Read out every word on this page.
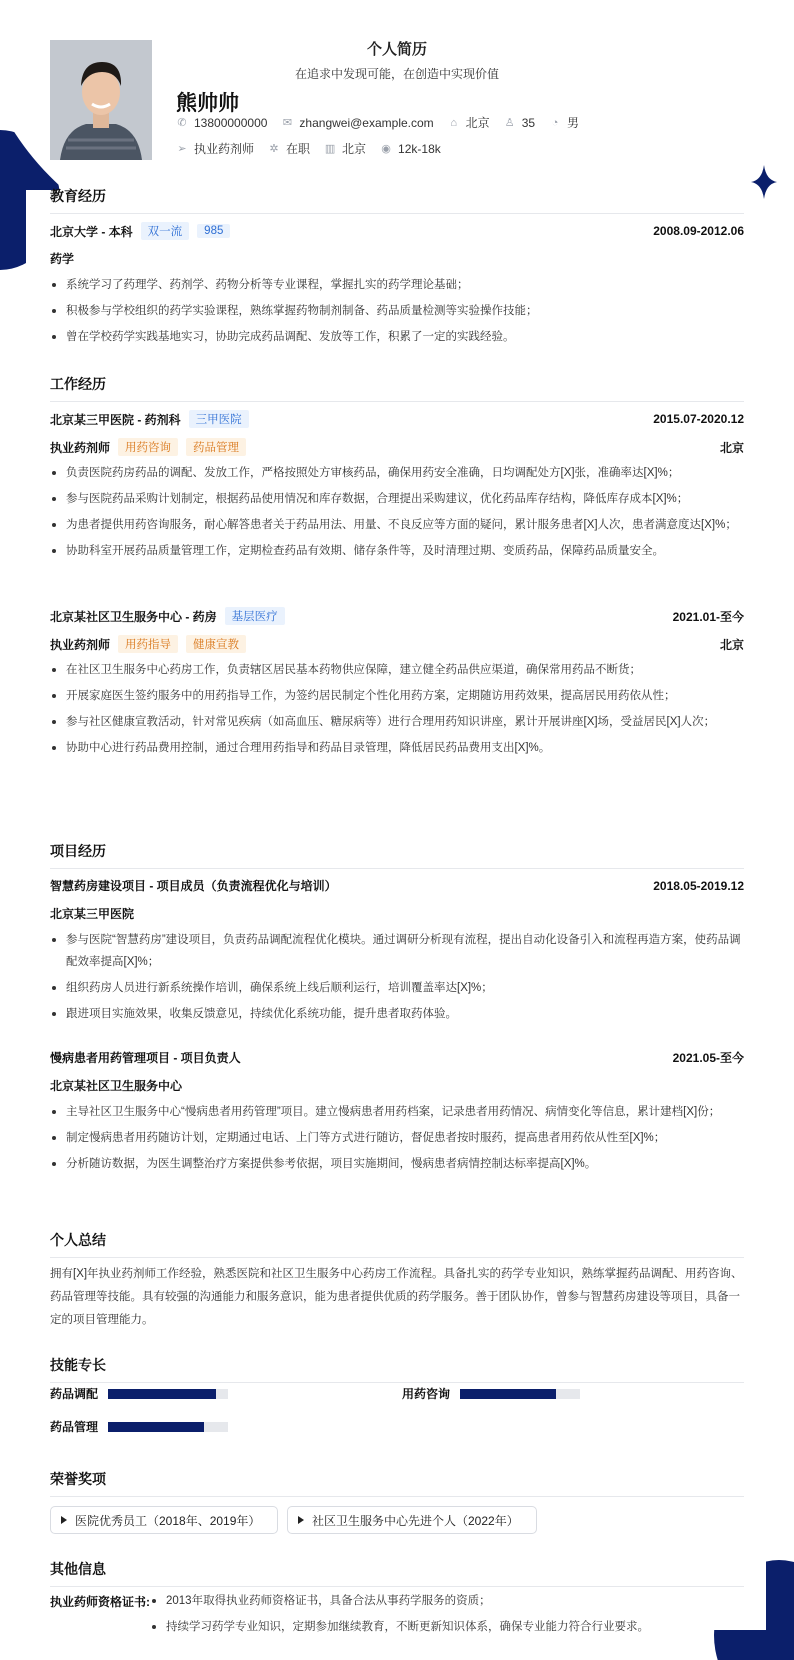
个人简历
在追求中发现可能，在创造中实现价值
熊帅帅
✆ 13800000000 ✉ zhangwei@example.com ⌂ 北京 ♙ 35 ◔ 男
➢ 执业药剂师 ✲ 在职 ▥ 北京 ◉ 12k-18k
教育经历
北京大学 - 本科	双一流	985	2008.09-2012.06
药学
系统学习了药理学、药剂学、药物分析等专业课程，掌握扎实的药学理论基础；
积极参与学校组织的药学实验课程，熟练掌握药物制剂制备、药品质量检测等实验操作技能；
曾在学校药学实践基地实习，协助完成药品调配、发放等工作，积累了一定的实践经验。
工作经历
北京某三甲医院 - 药剂科	三甲医院	2015.07-2020.12
执业药剂师	用药咨询	药品管理	北京
负责医院药房药品的调配、发放工作，严格按照处方审核药品，确保用药安全准确，日均调配处方[X]张，准确率达[X]%；
参与医院药品采购计划制定，根据药品使用情况和库存数据，合理提出采购建议，优化药品库存结构，降低库存成本[X]%；
为患者提供用药咨询服务，耐心解答患者关于药品用法、用量、不良反应等方面的疑问，累计服务患者[X]人次，患者满意度达[X]%；
协助科室开展药品质量管理工作，定期检查药品有效期、储存条件等，及时清理过期、变质药品，保障药品质量安全。
北京某社区卫生服务中心 - 药房	基层医疗	2021.01-至今
执业药剂师	用药指导	健康宣教	北京
在社区卫生服务中心药房工作，负责辖区居民基本药物供应保障，建立健全药品供应渠道，确保常用药品不断货；
开展家庭医生签约服务中的用药指导工作，为签约居民制定个性化用药方案，定期随访用药效果，提高居民用药依从性；
参与社区健康宣教活动，针对常见疾病（如高血压、糖尿病等）进行合理用药知识讲座，累计开展讲座[X]场，受益居民[X]人次；
协助中心进行药品费用控制，通过合理用药指导和药品目录管理，降低居民药品费用支出[X]%。
项目经历
智慧药房建设项目 - 项目成员（负责流程优化与培训）	2018.05-2019.12
北京某三甲医院
参与医院“智慧药房”建设项目，负责药品调配流程优化模块。通过调研分析现有流程，提出自动化设备引入和流程再造方案，使药品调配效率提高[X]%；
组织药房人员进行新系统操作培训，确保系统上线后顺利运行，培训覆盖率达[X]%；
跟进项目实施效果，收集反馈意见，持续优化系统功能，提升患者取药体验。
慢病患者用药管理项目 - 项目负责人	2021.05-至今
北京某社区卫生服务中心
主导社区卫生服务中心“慢病患者用药管理”项目。建立慢病患者用药档案，记录患者用药情况、病情变化等信息，累计建档[X]份；
制定慢病患者用药随访计划，定期通过电话、上门等方式进行随访，督促患者按时服药，提高患者用药依从性至[X]%；
分析随访数据，为医生调整治疗方案提供参考依据，项目实施期间，慢病患者病情控制达标率提高[X]%。
个人总结

拥有[X]年执业药剂师工作经验，熟悉医院和社区卫生服务中心药房工作流程。具备扎实的药学专业知识，熟练掌握药品调配、用药咨询、药品管理等技能。具有较强的沟通能力和服务意识，能为患者提供优质的药学服务。善于团队协作，曾参与智慧药房建设等项目，具备一定的项目管理能力。

技能专长
药品调配	用药咨询
药品管理
荣誉奖项
医院优秀员工（2018年、2019年）	社区卫生服务中心先进个人（2022年）
其他信息
执业药师资格证书:	2013年取得执业药师资格证书，具备合法从事药学服务的资质；
持续学习药学专业知识，定期参加继续教育，不断更新知识体系，确保专业能力符合行业要求。
